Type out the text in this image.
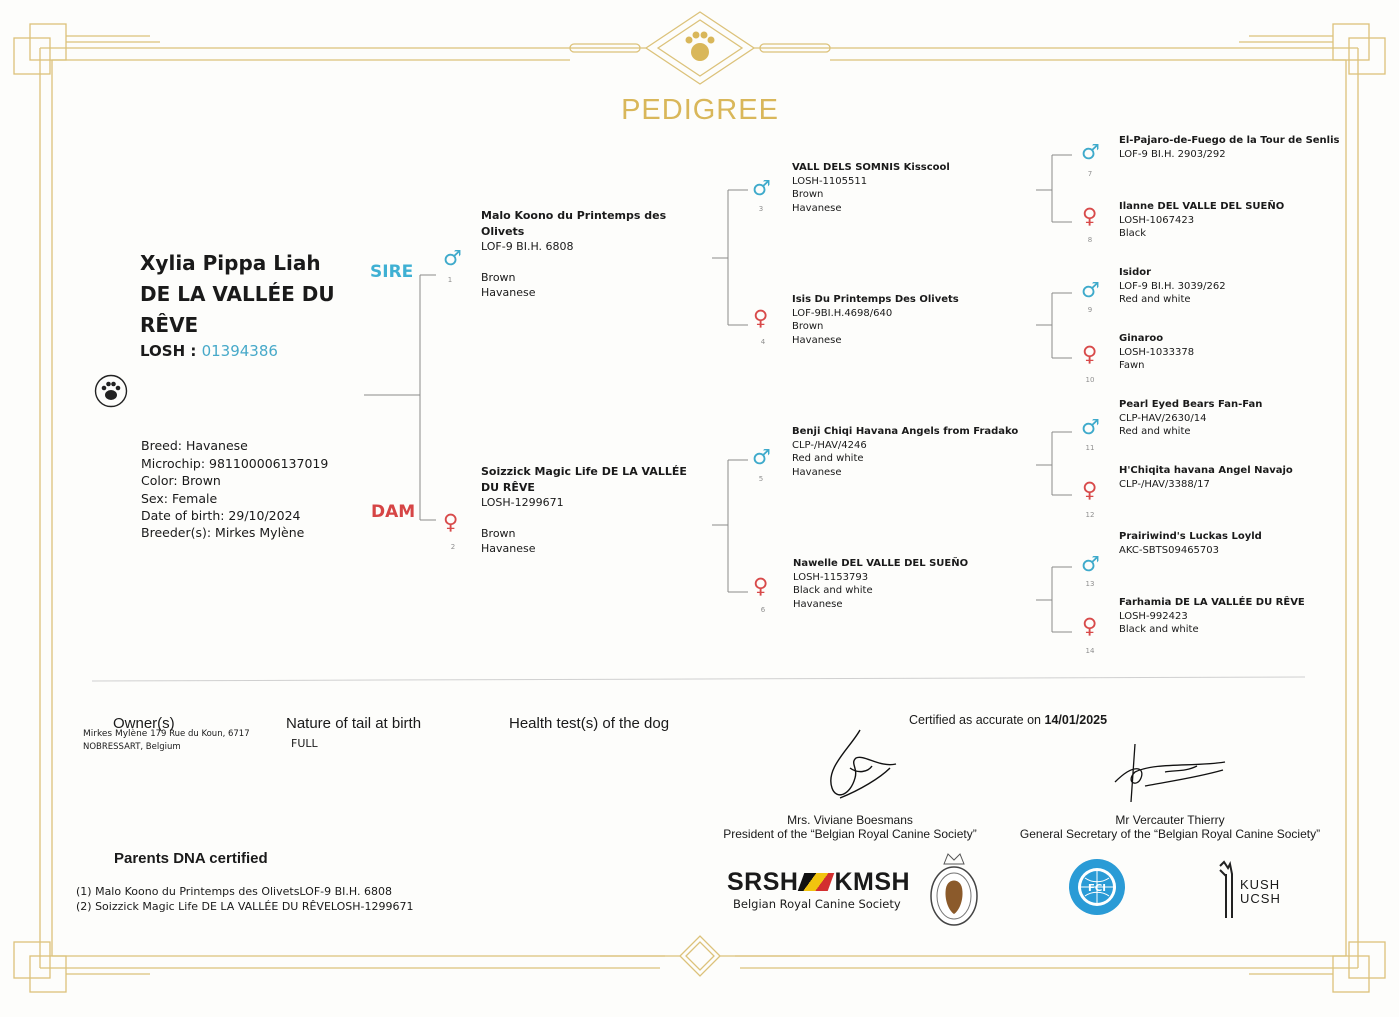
PEDIGREE
Xylia Pippa Liah
DE LA VALLÉE DU
RÊVE
LOSH : 01394386
Breed: Havanese
Microchip: 981100006137019
Color: Brown
Sex: Female
Date of birth: 29/10/2024
Breeder(s): Mirkes Mylène
SIRE
DAM
♂
1
Malo Koono du Printemps des Olivets
LOF-9 BI.H. 6808
Brown
Havanese
♀
2
Soizzick Magic Life DE LA VALLÉE DU RÊVE
LOSH-1299671
Brown
Havanese
♂
3
VALL DELS SOMNIS Kisscool
LOSH-1105511
Brown
Havanese
♀
4
Isis Du Printemps Des Olivets
LOF-9BI.H.4698/640
Brown
Havanese
♂
5
Benji Chiqi Havana Angels from Fradako
CLP-/HAV/4246
Red and white
Havanese
♀
6
Nawelle DEL VALLE DEL SUEÑO
LOSH-1153793
Black and white
Havanese
♂
7
El-Pajaro-de-Fuego de la Tour de Senlis
LOF-9 BI.H. 2903/292
♀
8
Ilanne DEL VALLE DEL SUEÑO
LOSH-1067423
Black
♂
9
Isidor
LOF-9 BI.H. 3039/262
Red and white
♀
10
Ginaroo
LOSH-1033378
Fawn
♂
11
Pearl Eyed Bears Fan-Fan
CLP-HAV/2630/14
Red and white
♀
12
H'Chiqita havana Angel Navajo
CLP-/HAV/3388/17
♂
13
Prairiwind's Luckas Loyld
AKC-SBTS09465703
♀
14
Farhamia DE LA VALLÉE DU RÊVE
LOSH-992423
Black and white
Owner(s)
Mirkes Mylène 179 Rue du Koun, 6717
NOBRESSART, Belgium
Nature of tail at birth
FULL
Health test(s) of the dog	Certified as accurate on 14/01/2025
Mrs. Viviane Boesmans
President of the “Belgian Royal Canine Society”
Mr Vercauter Thierry
General Secretary of the “Belgian Royal Canine Society”
Parents DNA certified
(1) Malo Koono du Printemps des OlivetsLOF-9 BI.H. 6808
(2) Soizzick Magic Life DE LA VALLÉE DU RÊVELOSH-1299671
SRSH KMSH
Belgian Royal Canine Society
FCI	KUSH
UCSH
